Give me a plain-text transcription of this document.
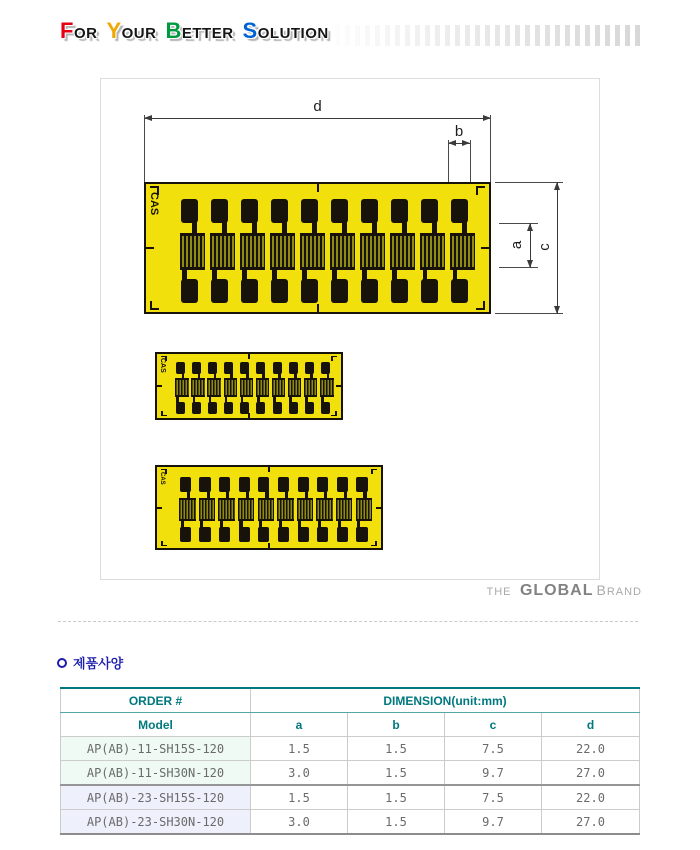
FOR YOUR BETTER SOLUTION
d
b
CAS
a c
CAS
CAS
THE GLOBAL BRAND
제품사양
ORDER #	DIMENSION(unit:mm)			
Model	a	b	c	d
AP(AB)-11-SH15S-120	1.5	1.5	7.5	22.0
AP(AB)-11-SH30N-120	3.0	1.5	9.7	27.0
AP(AB)-23-SH15S-120	1.5	1.5	7.5	22.0
AP(AB)-23-SH30N-120	3.0	1.5	9.7	27.0
